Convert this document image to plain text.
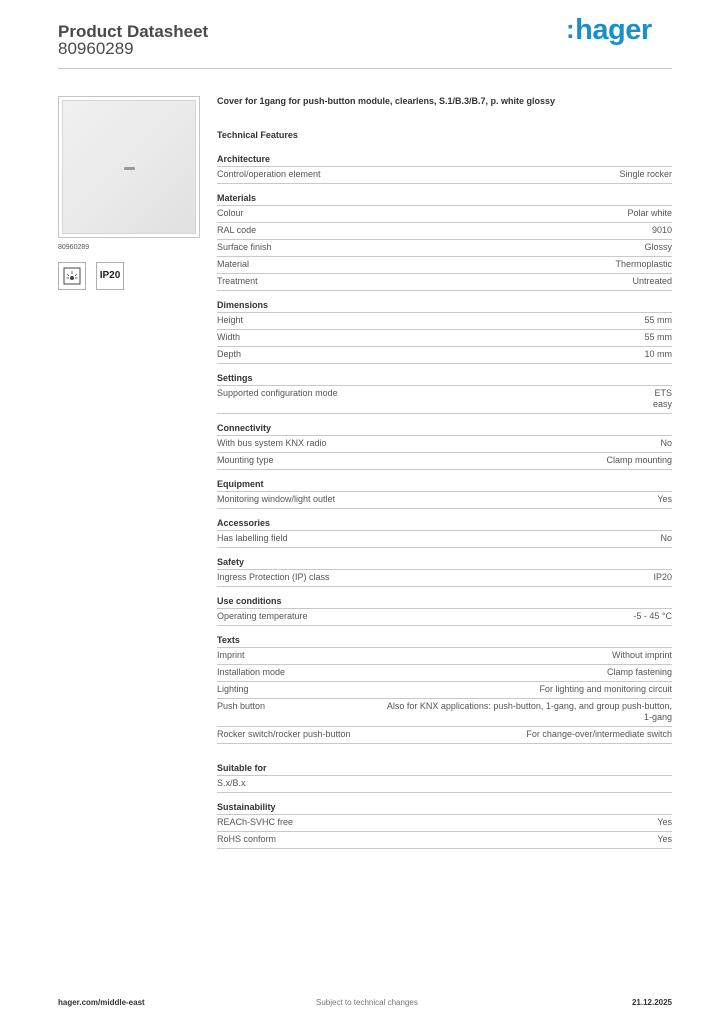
Product Datasheet
80960289
:hager
80960289
IP20
Cover for 1gang for push-button module, clearlens, S.1/B.3/B.7, p. white glossy
Technical Features
Architecture
Control/operation element	Single rocker
Materials
Colour	Polar white
RAL code	9010
Surface finish	Glossy
Material	Thermoplastic
Treatment	Untreated
Dimensions
Height	55 mm
Width	55 mm
Depth	10 mm
Settings
Supported configuration mode	ETS
easy
Connectivity
With bus system KNX radio	No
Mounting type	Clamp mounting
Equipment
Monitoring window/light outlet	Yes
Accessories
Has labelling field	No
Safety
Ingress Protection (IP) class	IP20
Use conditions
Operating temperature	-5 - 45 °C
Texts
Imprint	Without imprint
Installation mode	Clamp fastening
Lighting	For lighting and monitoring circuit
Push button	Also for KNX applications: push-button, 1-gang, and group push-button,
1-gang
Rocker switch/rocker push-button	For change-over/intermediate switch
Suitable for
S.x/B.x
Sustainability
REACh-SVHC free	Yes
RoHS conform	Yes
hager.com/middle-east	Subject to technical changes	21.12.2025
